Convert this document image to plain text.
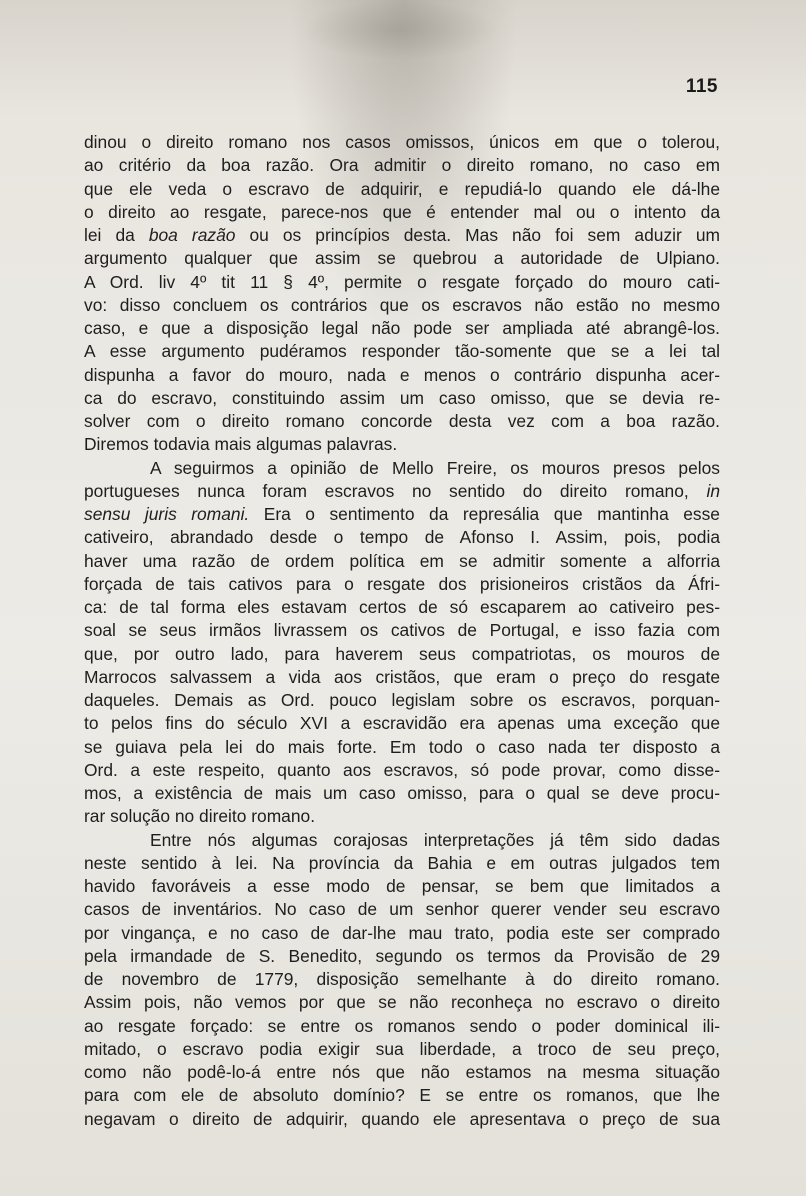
115
dinou o direito romano nos casos omissos, únicos em que o tolerou,
ao critério da boa razão. Ora admitir o direito romano, no caso em
que ele veda o escravo de adquirir, e repudiá-lo quando ele dá-lhe
o direito ao resgate, parece-nos que é entender mal ou o intento da
lei da boa razão ou os princípios desta. Mas não foi sem aduzir um
argumento qualquer que assim se quebrou a autoridade de Ulpiano.
A Ord. liv 4º tit 11 § 4º, permite o resgate forçado do mouro cati-
vo: disso concluem os contrários que os escravos não estão no mesmo
caso, e que a disposição legal não pode ser ampliada até abrangê-los.
A esse argumento pudéramos responder tão-somente que se a lei tal
dispunha a favor do mouro, nada e menos o contrário dispunha acer-
ca do escravo, constituindo assim um caso omisso, que se devia re-
solver com o direito romano concorde desta vez com a boa razão.
Diremos todavia mais algumas palavras.
A seguirmos a opinião de Mello Freire, os mouros presos pelos
portugueses nunca foram escravos no sentido do direito romano, in
sensu juris romani. Era o sentimento da represália que mantinha esse
cativeiro, abrandado desde o tempo de Afonso I. Assim, pois, podia
haver uma razão de ordem política em se admitir somente a alforria
forçada de tais cativos para o resgate dos prisioneiros cristãos da Áfri-
ca: de tal forma eles estavam certos de só escaparem ao cativeiro pes-
soal se seus irmãos livrassem os cativos de Portugal, e isso fazia com
que, por outro lado, para haverem seus compatriotas, os mouros de
Marrocos salvassem a vida aos cristãos, que eram o preço do resgate
daqueles. Demais as Ord. pouco legislam sobre os escravos, porquan-
to pelos fins do século XVI a escravidão era apenas uma exceção que
se guiava pela lei do mais forte. Em todo o caso nada ter disposto a
Ord. a este respeito, quanto aos escravos, só pode provar, como disse-
mos, a existência de mais um caso omisso, para o qual se deve procu-
rar solução no direito romano.
Entre nós algumas corajosas interpretações já têm sido dadas
neste sentido à lei. Na província da Bahia e em outras julgados tem
havido favoráveis a esse modo de pensar, se bem que limitados a
casos de inventários. No caso de um senhor querer vender seu escravo
por vingança, e no caso de dar-lhe mau trato, podia este ser comprado
pela irmandade de S. Benedito, segundo os termos da Provisão de 29
de novembro de 1779, disposição semelhante à do direito romano.
Assim pois, não vemos por que se não reconheça no escravo o direito
ao resgate forçado: se entre os romanos sendo o poder dominical ili-
mitado, o escravo podia exigir sua liberdade, a troco de seu preço,
como não podê-lo-á entre nós que não estamos na mesma situação
para com ele de absoluto domínio? E se entre os romanos, que lhe
negavam o direito de adquirir, quando ele apresentava o preço de sua
